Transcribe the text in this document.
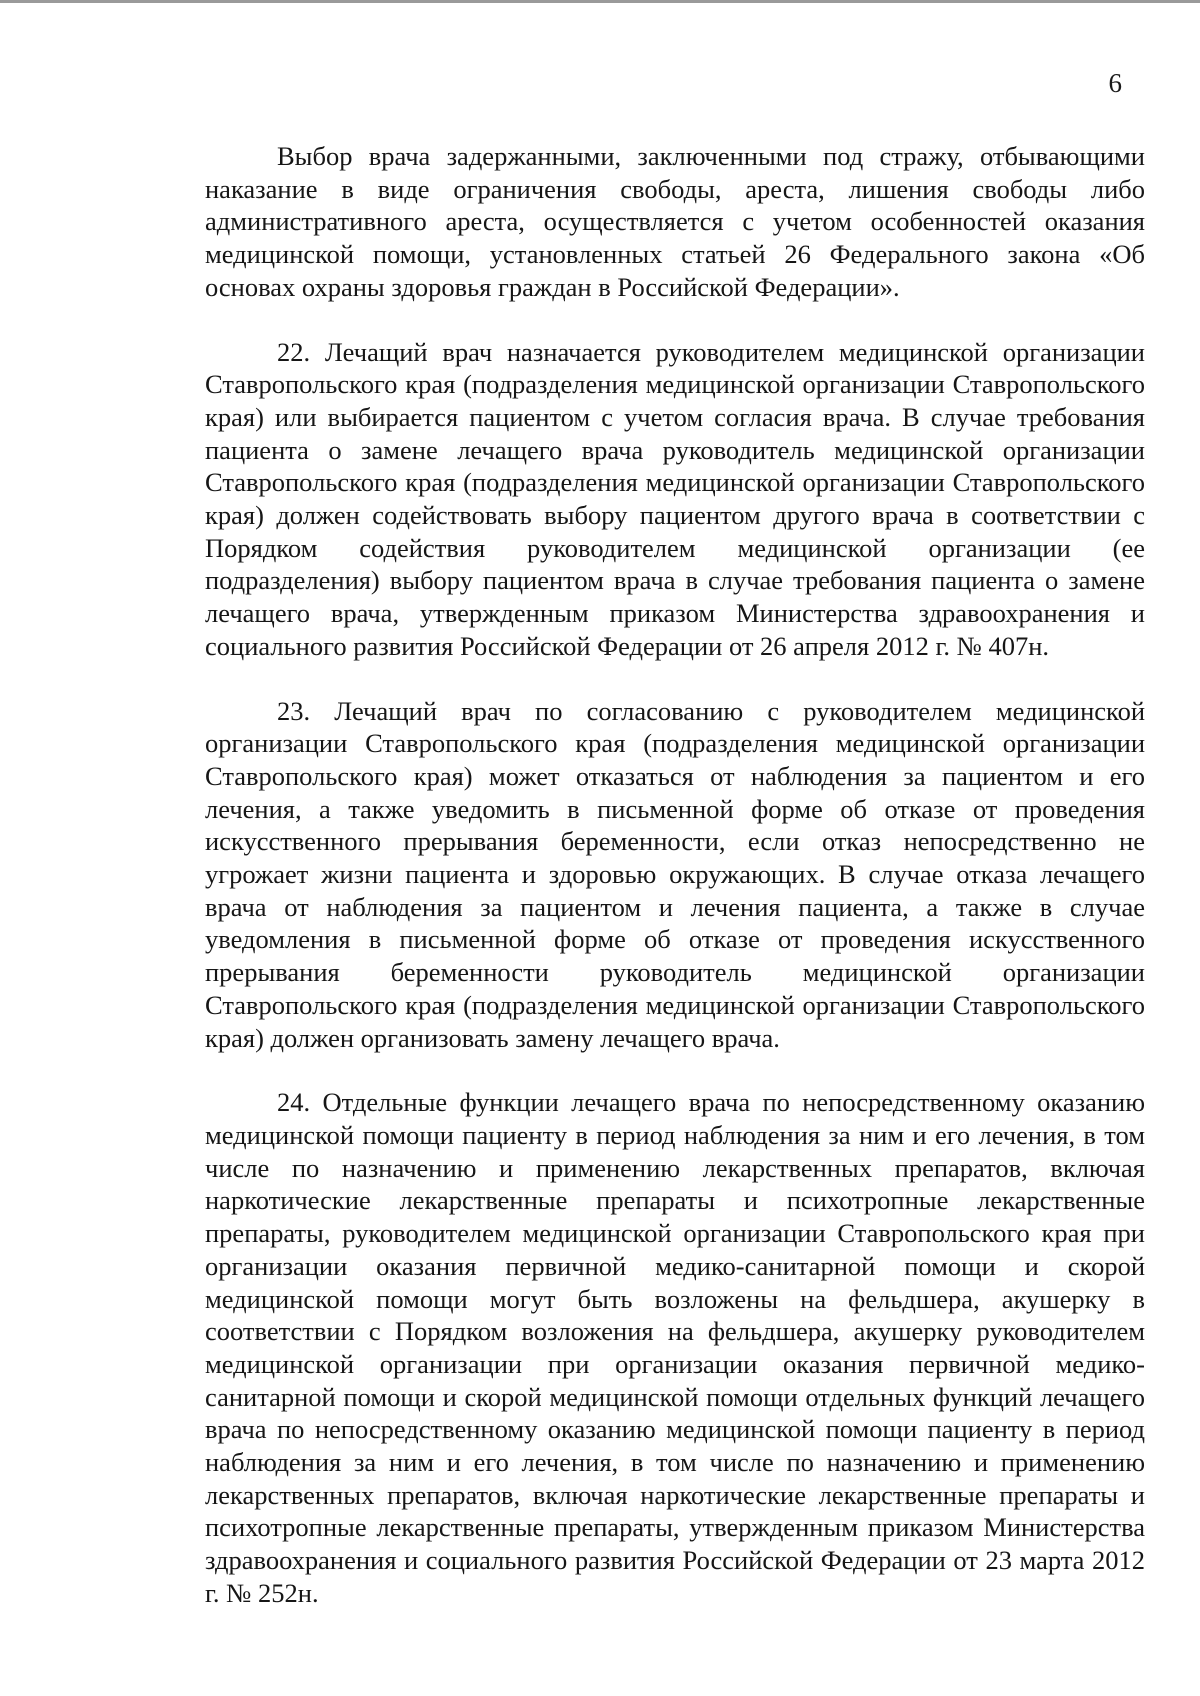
6

Выбор врача задержанными, заключенными под стражу, отбывающими наказание в виде ограничения свободы, ареста, лишения свободы либо административного ареста, осуществляется с учетом особенностей оказания медицинской помощи, установленных статьей 26 Федерального закона «Об основах охраны здоровья граждан в Российской Федерации».

22. Лечащий врач назначается руководителем медицинской организации Ставропольского края (подразделения медицинской организации Ставропольского края) или выбирается пациентом с учетом согласия врача. В случае требования пациента о замене лечащего врача руководитель медицинской организации Ставропольского края (подразделения медицинской организации Ставропольского края) должен содействовать выбору пациентом другого врача в соответствии с Порядком содействия руководителем медицинской организации (ее подразделения) выбору пациентом врача в случае требования пациента о замене лечащего врача, утвержденным приказом Министерства здравоохранения и социального развития Российской Федерации от 26 апреля 2012 г. № 407н.

23. Лечащий врач по согласованию с руководителем медицинской организации Ставропольского края (подразделения медицинской организации Ставропольского края) может отказаться от наблюдения за пациентом и его лечения, а также уведомить в письменной форме об отказе от проведения искусственного прерывания беременности, если отказ непосредственно не угрожает жизни пациента и здоровью окружающих. В случае отказа лечащего врача от наблюдения за пациентом и лечения пациента, а также в случае уведомления в письменной форме об отказе от проведения искусственного прерывания беременности руководитель медицинской организации Ставропольского края (подразделения медицинской организации Ставропольского края) должен организовать замену лечащего врача.

24. Отдельные функции лечащего врача по непосредственному оказанию медицинской помощи пациенту в период наблюдения за ним и его лечения, в том числе по назначению и применению лекарственных препаратов, включая наркотические лекарственные препараты и психотропные лекарственные препараты, руководителем медицинской организации Ставропольского края при организации оказания первичной медико-санитарной помощи и скорой медицинской помощи могут быть возложены на фельдшера, акушерку в соответствии с Порядком возложения на фельдшера, акушерку руководителем медицинской организации при организации оказания первичной медико-санитарной помощи и скорой медицинской помощи отдельных функций лечащего врача по непосредственному оказанию медицинской помощи пациенту в период наблюдения за ним и его лечения, в том числе по назначению и применению лекарственных препаратов, включая наркотические лекарственные препараты и психотропные лекарственные препараты, утвержденным приказом Министерства здравоохранения и социального развития Российской Федерации от 23 марта 2012 г. № 252н.
